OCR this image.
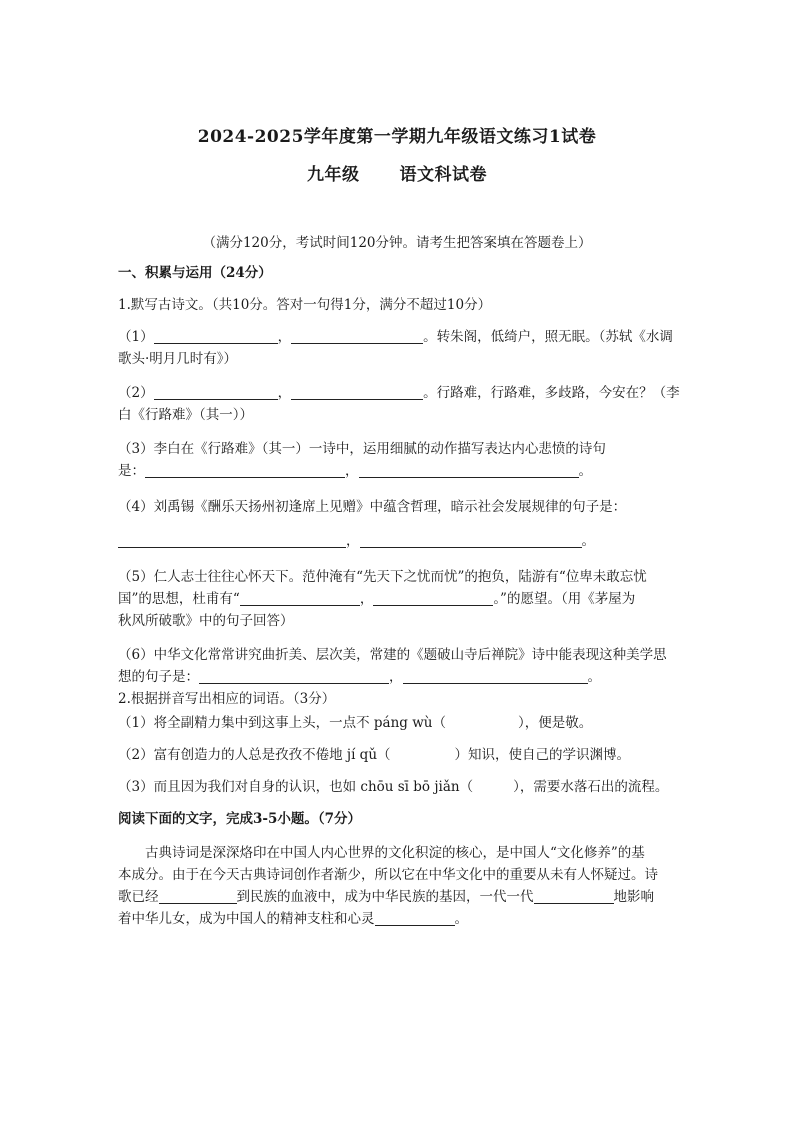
2024-2025学年度第一学期九年级语文练习1试卷
九年级 语文科试卷
（满分120分，考试时间120分钟。请考生把答案填在答题卷上）
一、积累与运用（24分）
1.默写古诗文。（共10分。答对一句得1分，满分不超过10分）
（1）	，	。转朱阁，低绮户，照无眠。（苏轼《水调
歌头·明月几时有》）
（2）	，	。行路难，行路难，多歧路，今安在？（李
白《行路难》（其一））
（3）李白在《行路难》（其一）一诗中，运用细腻的动作描写表达内心悲愤的诗句
是：	，	。
（4）刘禹锡《酬乐天扬州初逢席上见赠》中蕴含哲理，暗示社会发展规律的句子是：
，	。
（5）仁人志士往往心怀天下。范仲淹有“先天下之忧而忧”的抱负，陆游有“位卑未敢忘忧
国”的思想，杜甫有“	，	。”的愿望。（用《茅屋为
秋风所破歌》中的句子回答）
（6）中华文化常常讲究曲折美、层次美，常建的《题破山寺后禅院》诗中能表现这种美学思
想的句子是：	，	。
2.根据拼音写出相应的词语。（3分）
（1）将全副精力集中到这事上头，一点不 páng wù（	），便是敬。
（2）富有创造力的人总是孜孜不倦地 jí qǔ（	）知识，使自己的学识渊博。
（3）而且因为我们对自身的认识，也如 chōu sī bō jiǎn（	），需要水落石出的流程。
阅读下面的文字，完成3-5小题。（7分）
古典诗词是深深烙印在中国人内心世界的文化积淀的核心，是中国人“文化修养”的基
本成分。由于在今天古典诗词创作者渐少，所以它在中华文化中的重要从未有人怀疑过。诗
歌已经	到民族的血液中，成为中华民族的基因，一代一代	地影响
着中华儿女，成为中国人的精神支柱和心灵	。
